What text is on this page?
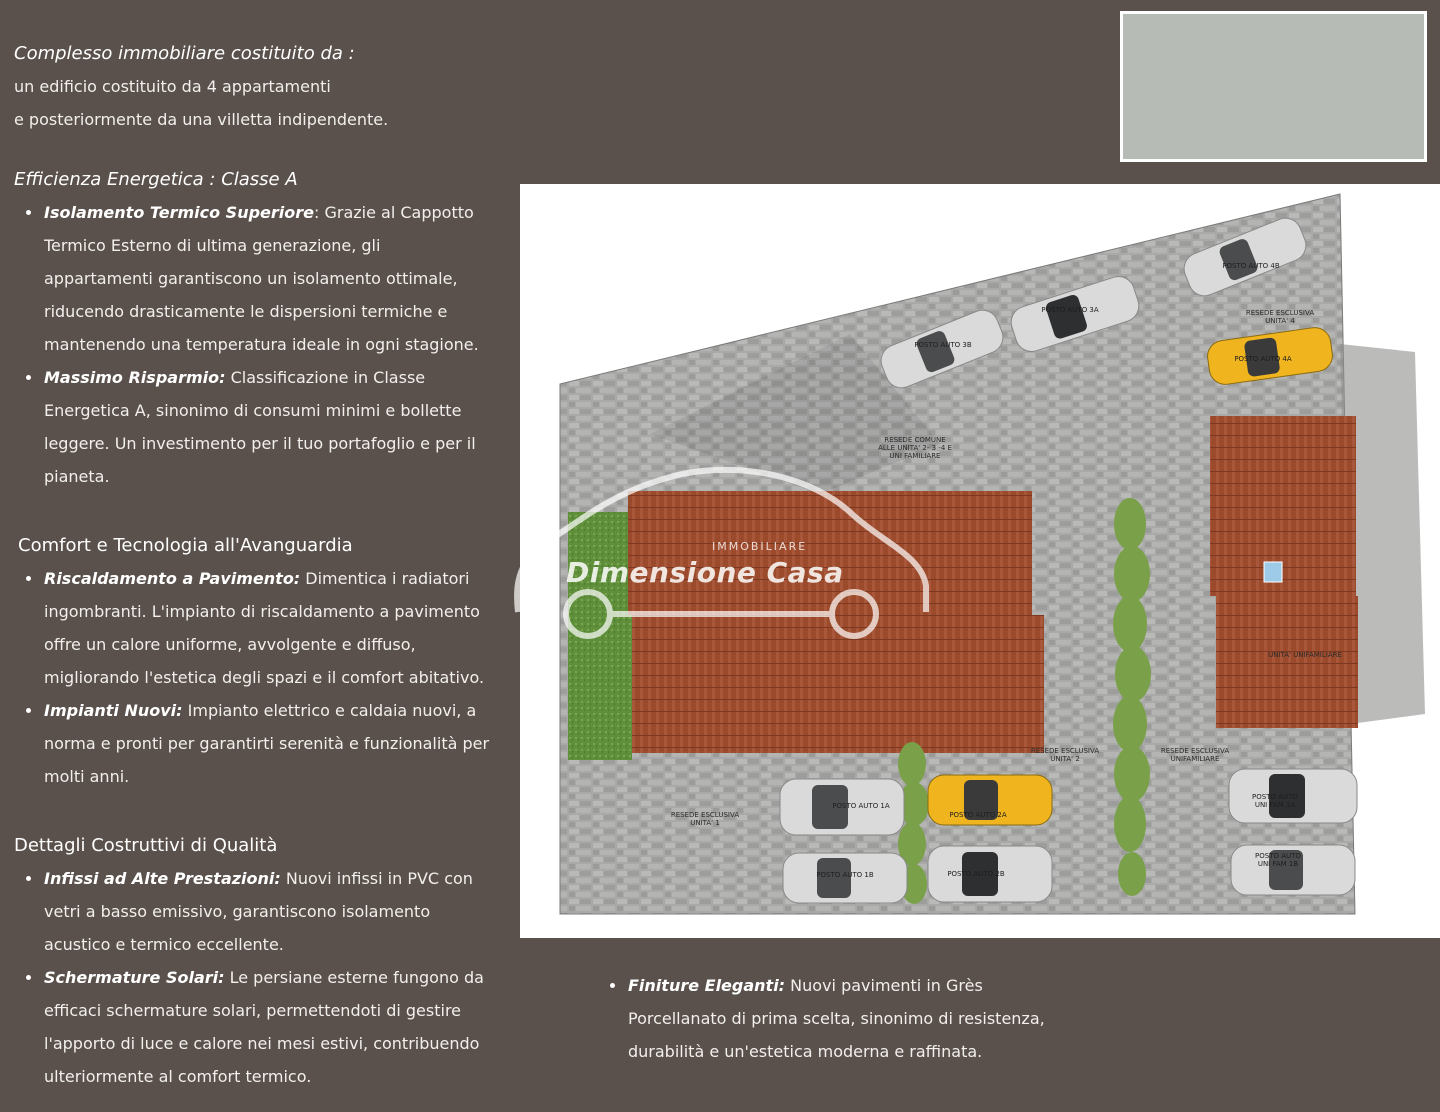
Complesso immobiliare costituito da :
un edificio costituito da 4 appartamenti
e posteriormente da una villetta indipendente.
Efficienza Energetica : Classe A
Isolamento Termico Superiore: Grazie al Cappotto Termico Esterno di ultima generazione, gli appartamenti garantiscono un isolamento ottimale, riducendo drasticamente le dispersioni termiche e mantenendo una temperatura ideale in ogni stagione.
Massimo Risparmio: Classificazione in Classe Energetica A, sinonimo di consumi minimi e bollette leggere. Un investimento per il tuo portafoglio e per il pianeta.
Comfort e Tecnologia all'Avanguardia
Riscaldamento a Pavimento: Dimentica i radiatori ingombranti. L'impianto di riscaldamento a pavimento offre un calore uniforme, avvolgente e diffuso, migliorando l'estetica degli spazi e il comfort abitativo.
Impianti Nuovi: Impianto elettrico e caldaia nuovi, a norma e pronti per garantirti serenità e funzionalità per molti anni.
Dettagli Costruttivi di Qualità
Infissi ad Alte Prestazioni: Nuovi infissi in PVC con vetri a basso emissivo, garantiscono isolamento acustico e termico eccellente.
Schermature Solari: Le persiane esterne fungono da efficaci schermature solari, permettendoti di gestire l'apporto di luce e calore nei mesi estivi, contribuendo ulteriormente al comfort termico.
Finiture Eleganti: Nuovi pavimenti in Grès Porcellanato di prima scelta, sinonimo di resistenza, durabilità e un'estetica moderna e raffinata.
RESEDE COMUNE
ALLE UNITA' 2- 3 -4 E
UNI FAMILIARE
RESEDE ESCLUSIVA
UNITA' 4
RESEDE ESCLUSIVA
UNITA' 2
RESEDE ESCLUSIVA
UNIFAMILIARE
RESEDE ESCLUSIVA
UNITA' 1
UNITA' UNIFAMILIARE
POSTO AUTO 4B
POSTO AUTO 3A
POSTO AUTO 3B
POSTO AUTO 4A
POSTO AUTO 1A
POSTO AUTO 2A
POSTO AUTO 1B	POSTO AUTO 2B
POSTO AUTO
UNI FAM 1A
POSTO AUTO
UNI FAM 1B
IMMOBILIARE
Dimensione Casa
